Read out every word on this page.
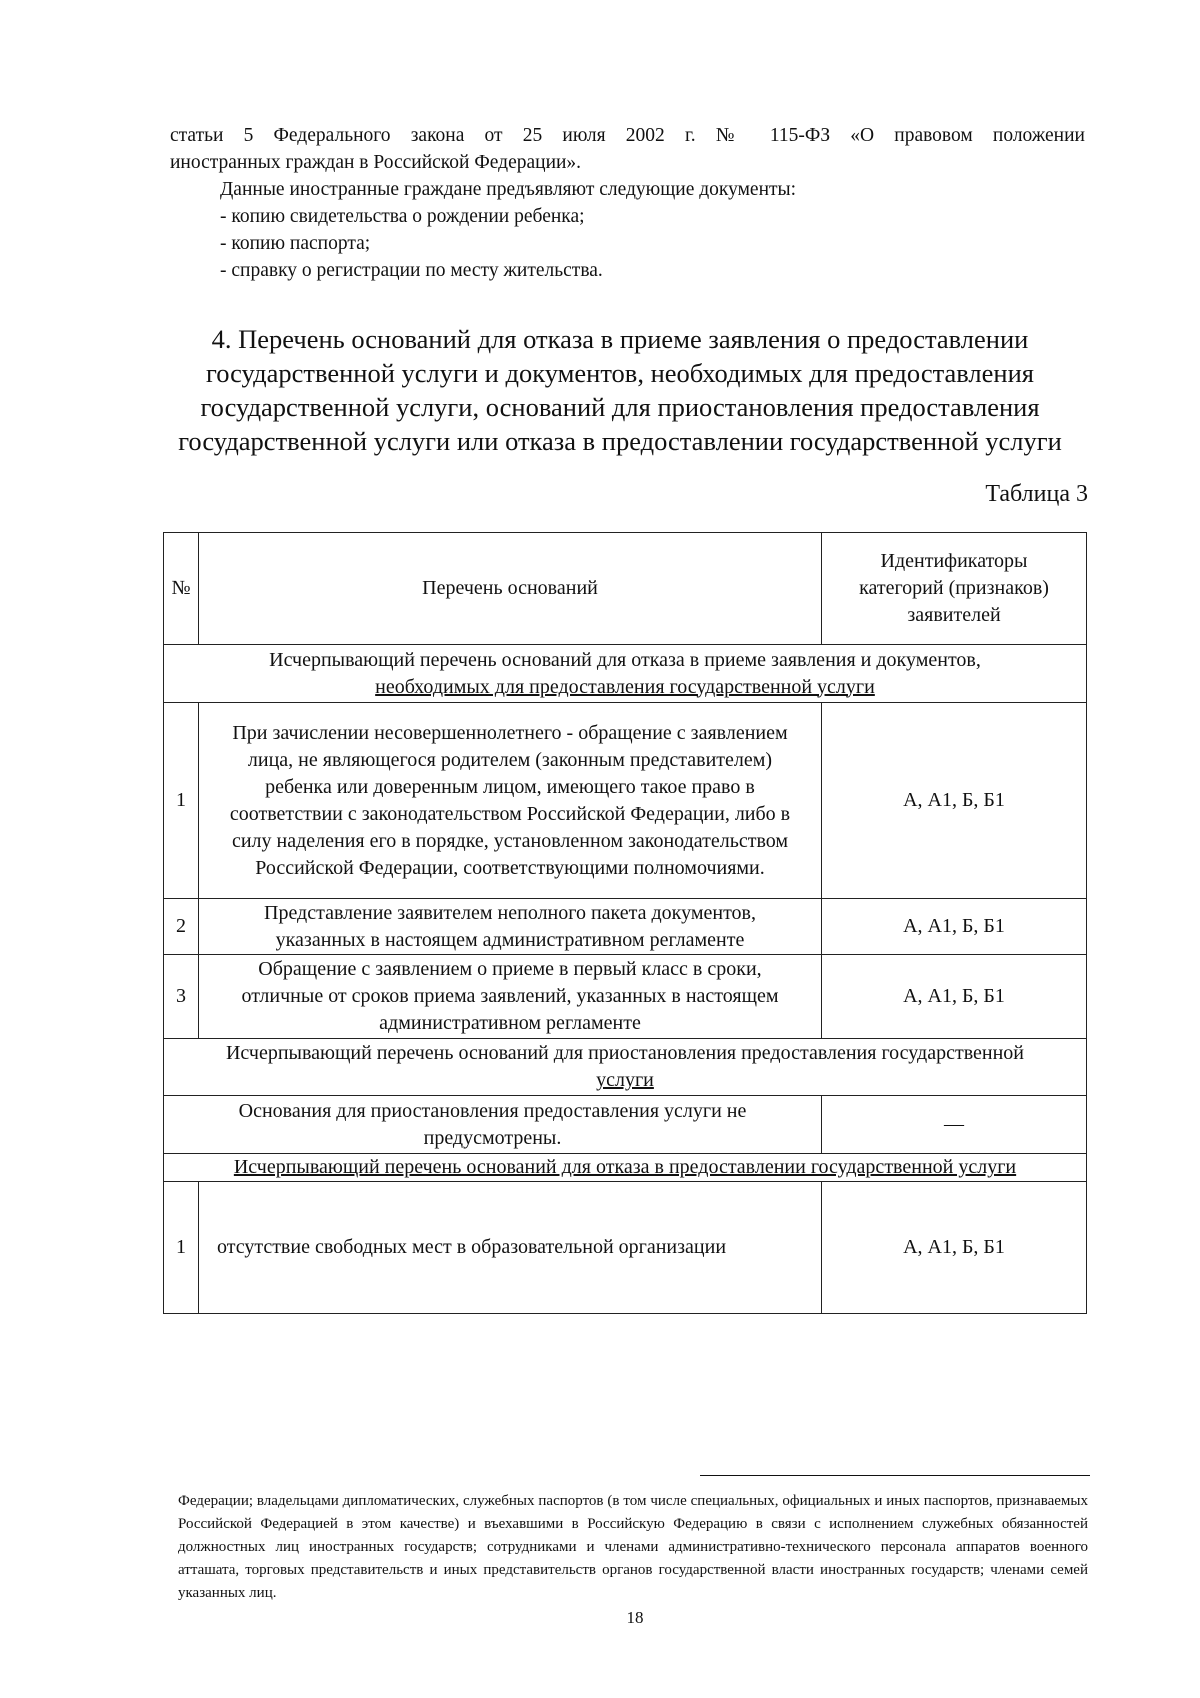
статьи 5 Федерального закона от 25 июля 2002 г. № 115-ФЗ «О правовом положении

иностранных граждан в Российской Федерации».

Данные иностранные граждане предъявляют следующие документы:

- копию свидетельства о рождении ребенка;

- копию паспорта;

- справку о регистрации по месту жительства.

4. Перечень оснований для отказа в приеме заявления о предоставлении
государственной услуги и документов, необходимых для предоставления
государственной услуги, оснований для приостановления предоставления
государственной услуги или отказа в предоставлении государственной услуги
Таблица 3
№	Перечень оснований	Идентификаторы категорий (признаков) заявителей

Исчерпывающий перечень оснований для отказа в приеме заявления и документов,
необходимых для предоставления государственной услуги		

1	При зачислении несовершеннолетнего - обращение с заявлением лица, не являющегося родителем (законным представителем) ребенка или доверенным лицом, имеющего такое право в соответствии с законодательством Российской Федерации, либо в силу наделения его в порядке, установленном законодательством Российской Федерации, соответствующими полномочиями.	А, А1, Б, Б1
2	Представление заявителем неполного пакета документов, указанных в настоящем административном регламенте	А, А1, Б, Б1
3	Обращение с заявлением о приеме в первый класс в сроки, отличные от сроков приема заявлений, указанных в настоящем административном регламенте	А, А1, Б, Б1

Исчерпывающий перечень оснований для приостановления предоставления государственной
услуги		

Основания для приостановления предоставления услуги не предусмотрены.		—
Исчерпывающий перечень оснований для отказа в предоставлении государственной услуги		
1	отсутствие свободных мест в образовательной организации	А, А1, Б, Б1
Федерации; владельцами дипломатических, служебных паспортов (в том числе специальных, официальных и иных паспортов, признаваемых Российской Федерацией в этом качестве) и въехавшими в Российскую Федерацию в связи с исполнением служебных обязанностей должностных лиц иностранных государств; сотрудниками и членами административно-технического персонала аппаратов военного атташата, торговых представительств и иных представительств органов государственной власти иностранных государств; членами семей указанных лиц.
18
